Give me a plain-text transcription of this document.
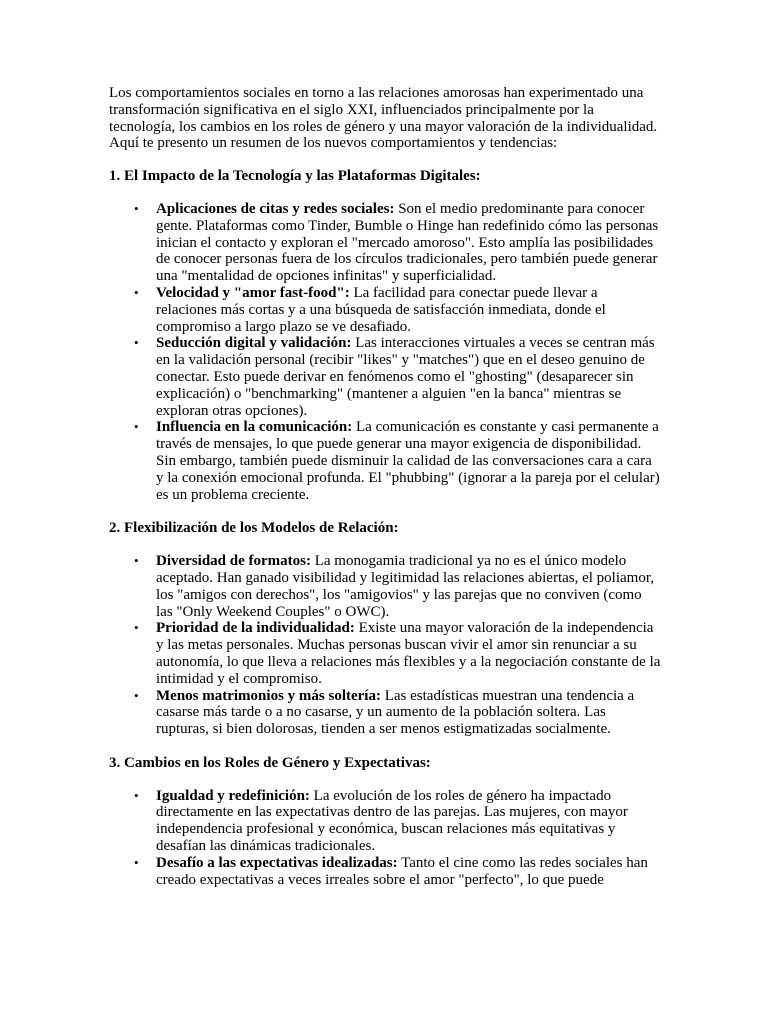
Los comportamientos sociales en torno a las relaciones amorosas han experimentado una transformación significativa en el siglo XXI, influenciados principalmente por la tecnología, los cambios en los roles de género y una mayor valoración de la individualidad. Aquí te presento un resumen de los nuevos comportamientos y tendencias:

1. El Impacto de la Tecnología y las Plataformas Digitales:

• Aplicaciones de citas y redes sociales: Son el medio predominante para conocer gente. Plataformas como Tinder, Bumble o Hinge han redefinido cómo las personas inician el contacto y exploran el "mercado amoroso". Esto amplía las posibilidades de conocer personas fuera de los círculos tradicionales, pero también puede generar una "mentalidad de opciones infinitas" y superficialidad.
• Velocidad y "amor fast-food": La facilidad para conectar puede llevar a relaciones más cortas y a una búsqueda de satisfacción inmediata, donde el compromiso a largo plazo se ve desafiado.
• Seducción digital y validación: Las interacciones virtuales a veces se centran más en la validación personal (recibir "likes" y "matches") que en el deseo genuino de conectar. Esto puede derivar en fenómenos como el "ghosting" (desaparecer sin explicación) o "benchmarking" (mantener a alguien "en la banca" mientras se exploran otras opciones).
• Influencia en la comunicación: La comunicación es constante y casi permanente a través de mensajes, lo que puede generar una mayor exigencia de disponibilidad. Sin embargo, también puede disminuir la calidad de las conversaciones cara a cara y la conexión emocional profunda. El "phubbing" (ignorar a la pareja por el celular) es un problema creciente.

2. Flexibilización de los Modelos de Relación:

• Diversidad de formatos: La monogamia tradicional ya no es el único modelo aceptado. Han ganado visibilidad y legitimidad las relaciones abiertas, el poliamor, los "amigos con derechos", los "amigovios" y las parejas que no conviven (como las "Only Weekend Couples" o OWC).
• Prioridad de la individualidad: Existe una mayor valoración de la independencia y las metas personales. Muchas personas buscan vivir el amor sin renunciar a su autonomía, lo que lleva a relaciones más flexibles y a la negociación constante de la intimidad y el compromiso.
• Menos matrimonios y más soltería: Las estadísticas muestran una tendencia a casarse más tarde o a no casarse, y un aumento de la población soltera. Las rupturas, si bien dolorosas, tienden a ser menos estigmatizadas socialmente.

3. Cambios en los Roles de Género y Expectativas:

• Igualdad y redefinición: La evolución de los roles de género ha impactado directamente en las expectativas dentro de las parejas. Las mujeres, con mayor independencia profesional y económica, buscan relaciones más equitativas y desafían las dinámicas tradicionales.
• Desafío a las expectativas idealizadas: Tanto el cine como las redes sociales han creado expectativas a veces irreales sobre el amor "perfecto", lo que puede
